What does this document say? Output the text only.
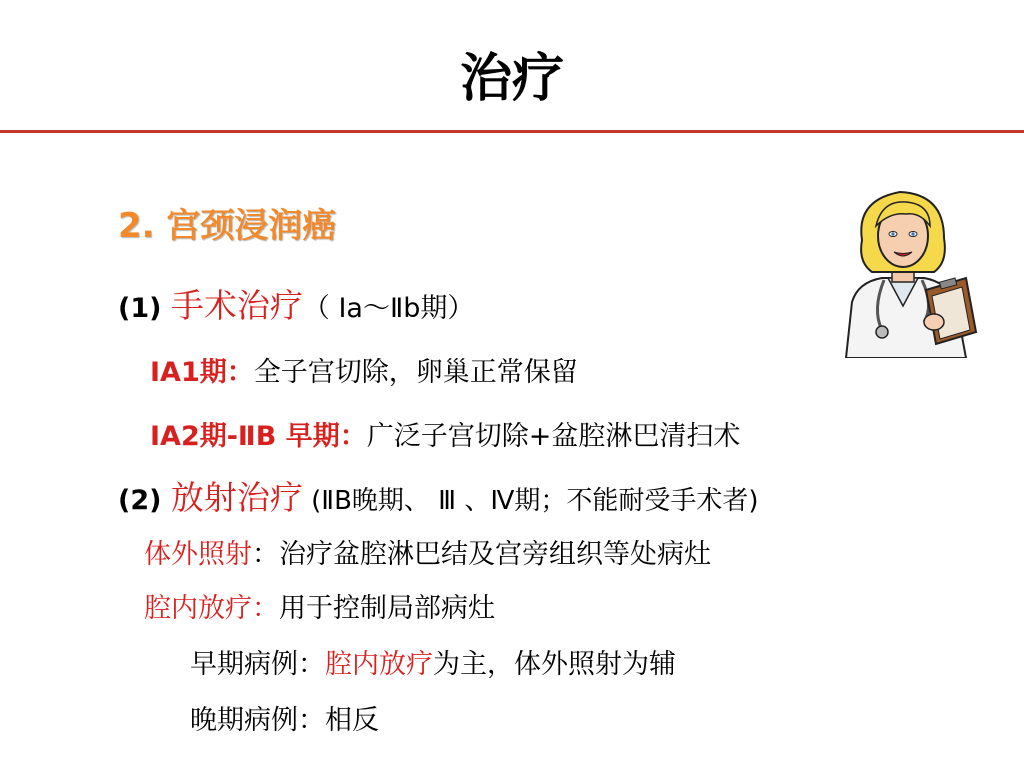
治疗
2. 宫颈浸润癌
(1) 手术治疗（ Ⅰa～Ⅱb期）
ⅠA1期：全子宫切除，卵巢正常保留
ⅠA2期-ⅡB 早期：广泛子宫切除+盆腔淋巴清扫术
(2) 放射治疗 (ⅡB晚期、 Ⅲ 、Ⅳ期；不能耐受手术者)
体外照射：治疗盆腔淋巴结及宫旁组织等处病灶
腔内放疗：用于控制局部病灶
早期病例：腔内放疗为主，体外照射为辅
晚期病例：相反
